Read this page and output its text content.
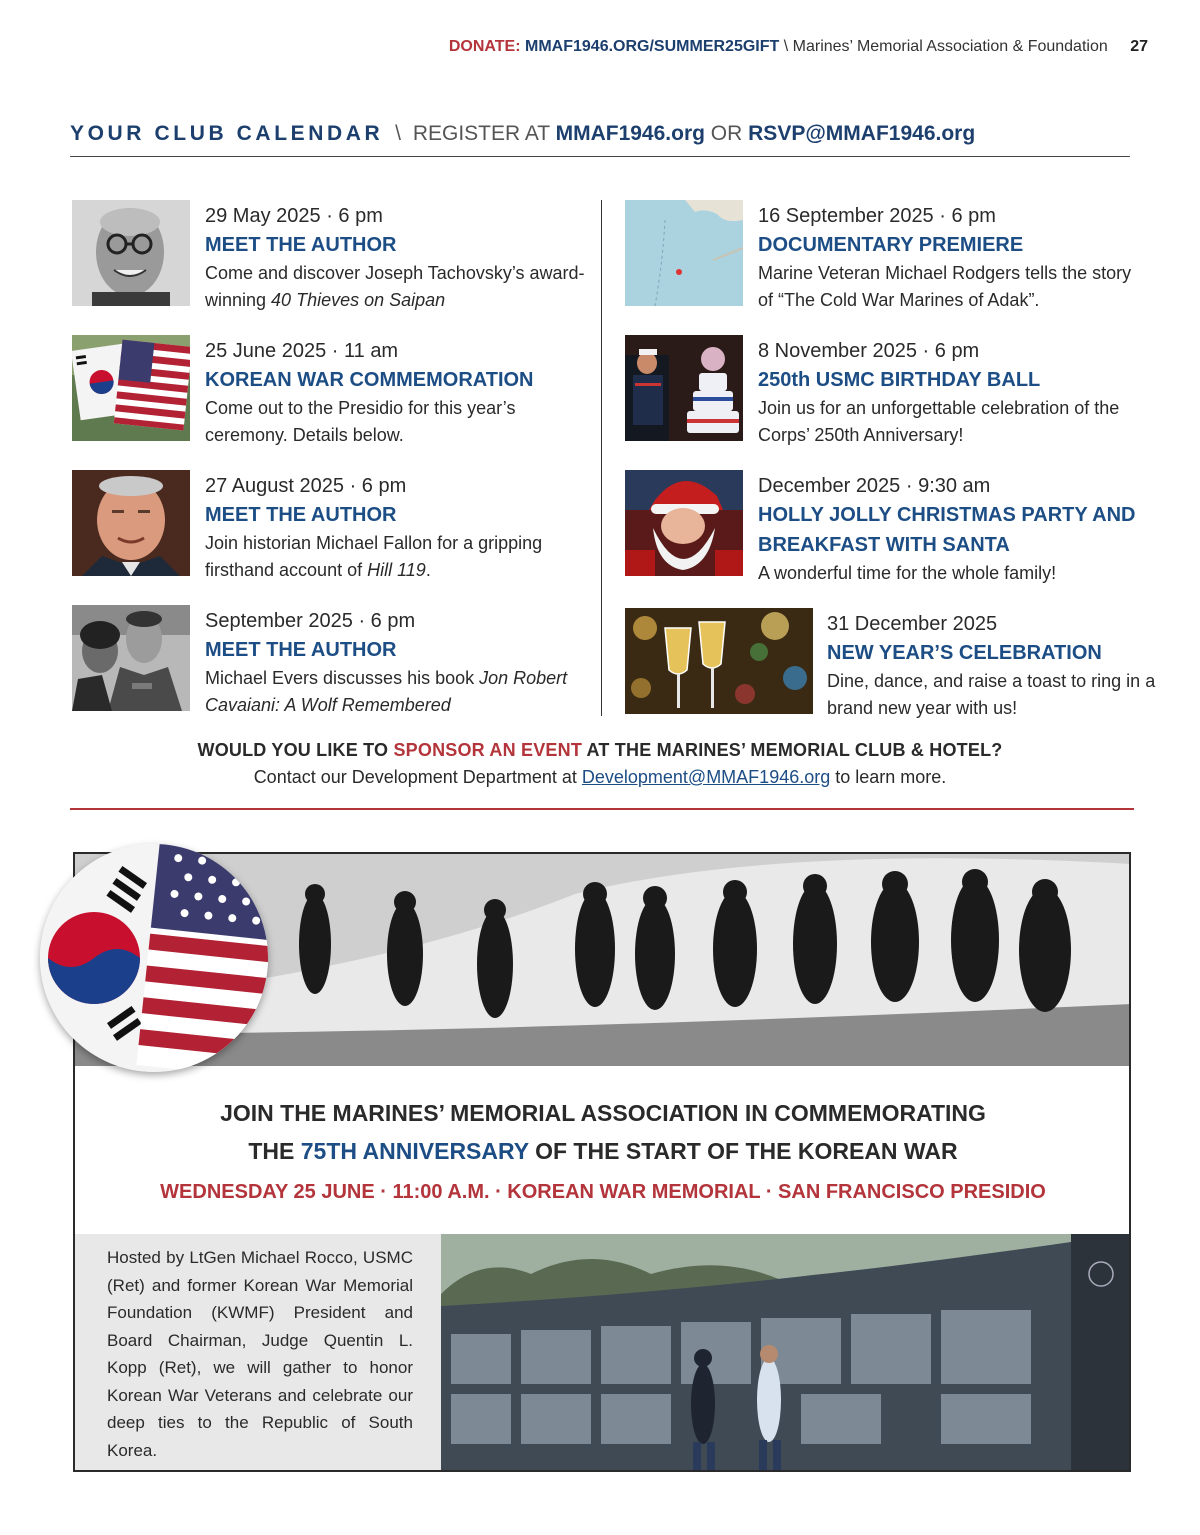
DONATE: MMAF1946.ORG/SUMMER25GIFT \ Marines’ Memorial Association & Foundation 27
YOUR CLUB CALENDAR \ REGISTER AT MMAF1946.org OR RSVP@MMAF1946.org
29 May 2025 · 6 pm
MEET THE AUTHOR
Come and discover Joseph Tachovsky’s award-winning 40 Thieves on Saipan
25 June 2025 · 11 am
KOREAN WAR COMMEMORATION
Come out to the Presidio for this year’s ceremony. Details below.
27 August 2025 · 6 pm
MEET THE AUTHOR
Join historian Michael Fallon for a gripping firsthand account of Hill 119.
September 2025 · 6 pm
MEET THE AUTHOR
Michael Evers discusses his book Jon Robert Cavaiani: A Wolf Remembered
16 September 2025 · 6 pm
DOCUMENTARY PREMIERE
Marine Veteran Michael Rodgers tells the story of “The Cold War Marines of Adak”.
8 November 2025 · 6 pm
250th USMC BIRTHDAY BALL
Join us for an unforgettable celebration of the Corps’ 250th Anniversary!
December 2025 · 9:30 am
HOLLY JOLLY CHRISTMAS PARTY AND BREAKFAST WITH SANTA
A wonderful time for the whole family!
31 December 2025
NEW YEAR’S CELEBRATION
Dine, dance, and raise a toast to ring in a brand new year with us!
WOULD YOU LIKE TO SPONSOR AN EVENT AT THE MARINES’ MEMORIAL CLUB & HOTEL?
Contact our Development Department at Development@MMAF1946.org to learn more.
JOIN THE MARINES’ MEMORIAL ASSOCIATION IN COMMEMORATING
THE 75TH ANNIVERSARY OF THE START OF THE KOREAN WAR
WEDNESDAY 25 JUNE · 11:00 A.M. · KOREAN WAR MEMORIAL · SAN FRANCISCO PRESIDIO
Hosted by LtGen Michael Rocco, USMC (Ret) and former Korean War Memorial Foundation (KWMF) President and Board Chairman, Judge Quentin L. Kopp (Ret), we will gather to honor Korean War Veterans and celebrate our deep ties to the Republic of South Korea.
